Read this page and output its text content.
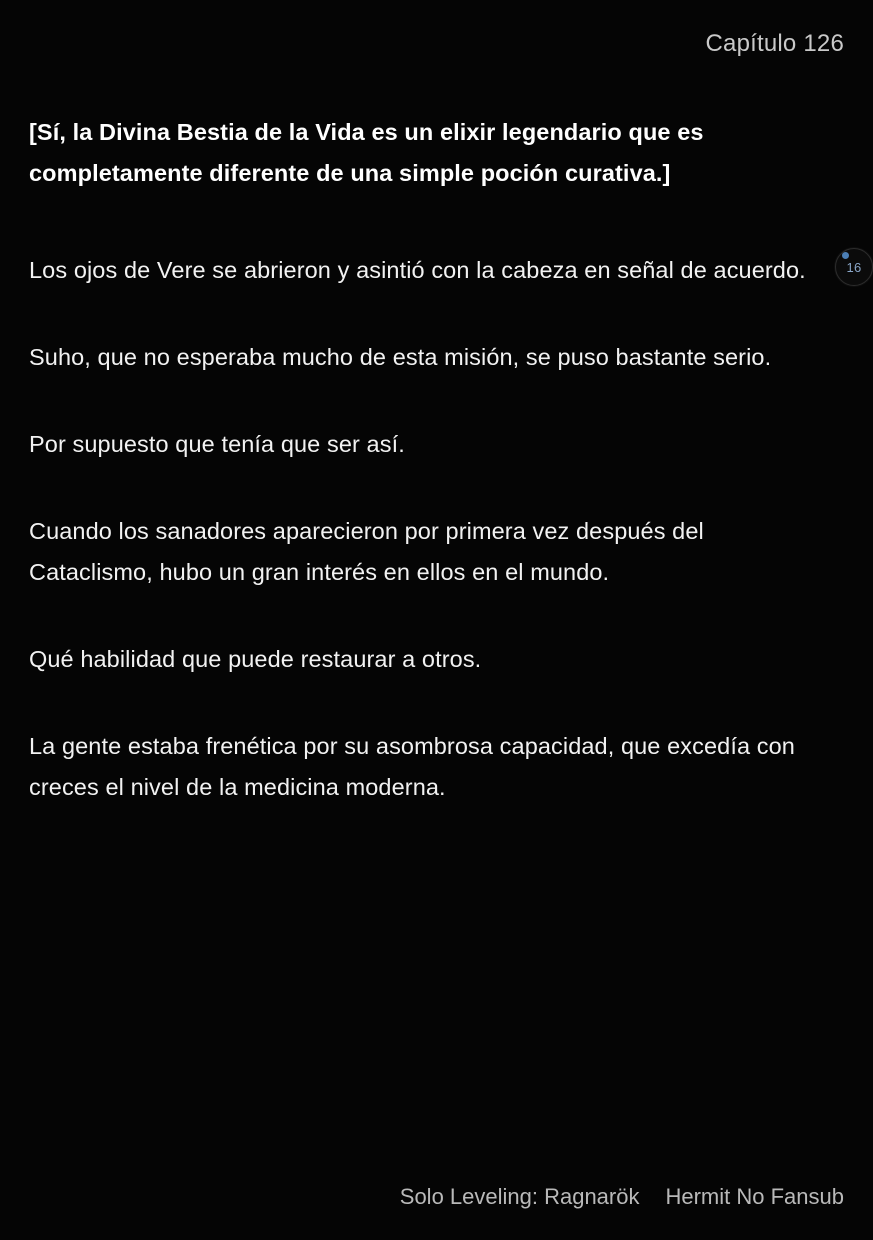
Capítulo 126
16

[Sí, la Divina Bestia de la Vida es un elixir legendario que es completamente diferente de una simple poción curativa.]

Los ojos de Vere se abrieron y asintió con la cabeza en señal de acuerdo.

Suho, que no esperaba mucho de esta misión, se puso bastante serio.

Por supuesto que tenía que ser así.

Cuando los sanadores aparecieron por primera vez después del Cataclismo, hubo un gran interés en ellos en el mundo.

Qué habilidad que puede restaurar a otros.

La gente estaba frenética por su asombrosa capacidad, que excedía con creces el nivel de la medicina moderna.

Solo Leveling: Ragnarök Hermit No Fansub
